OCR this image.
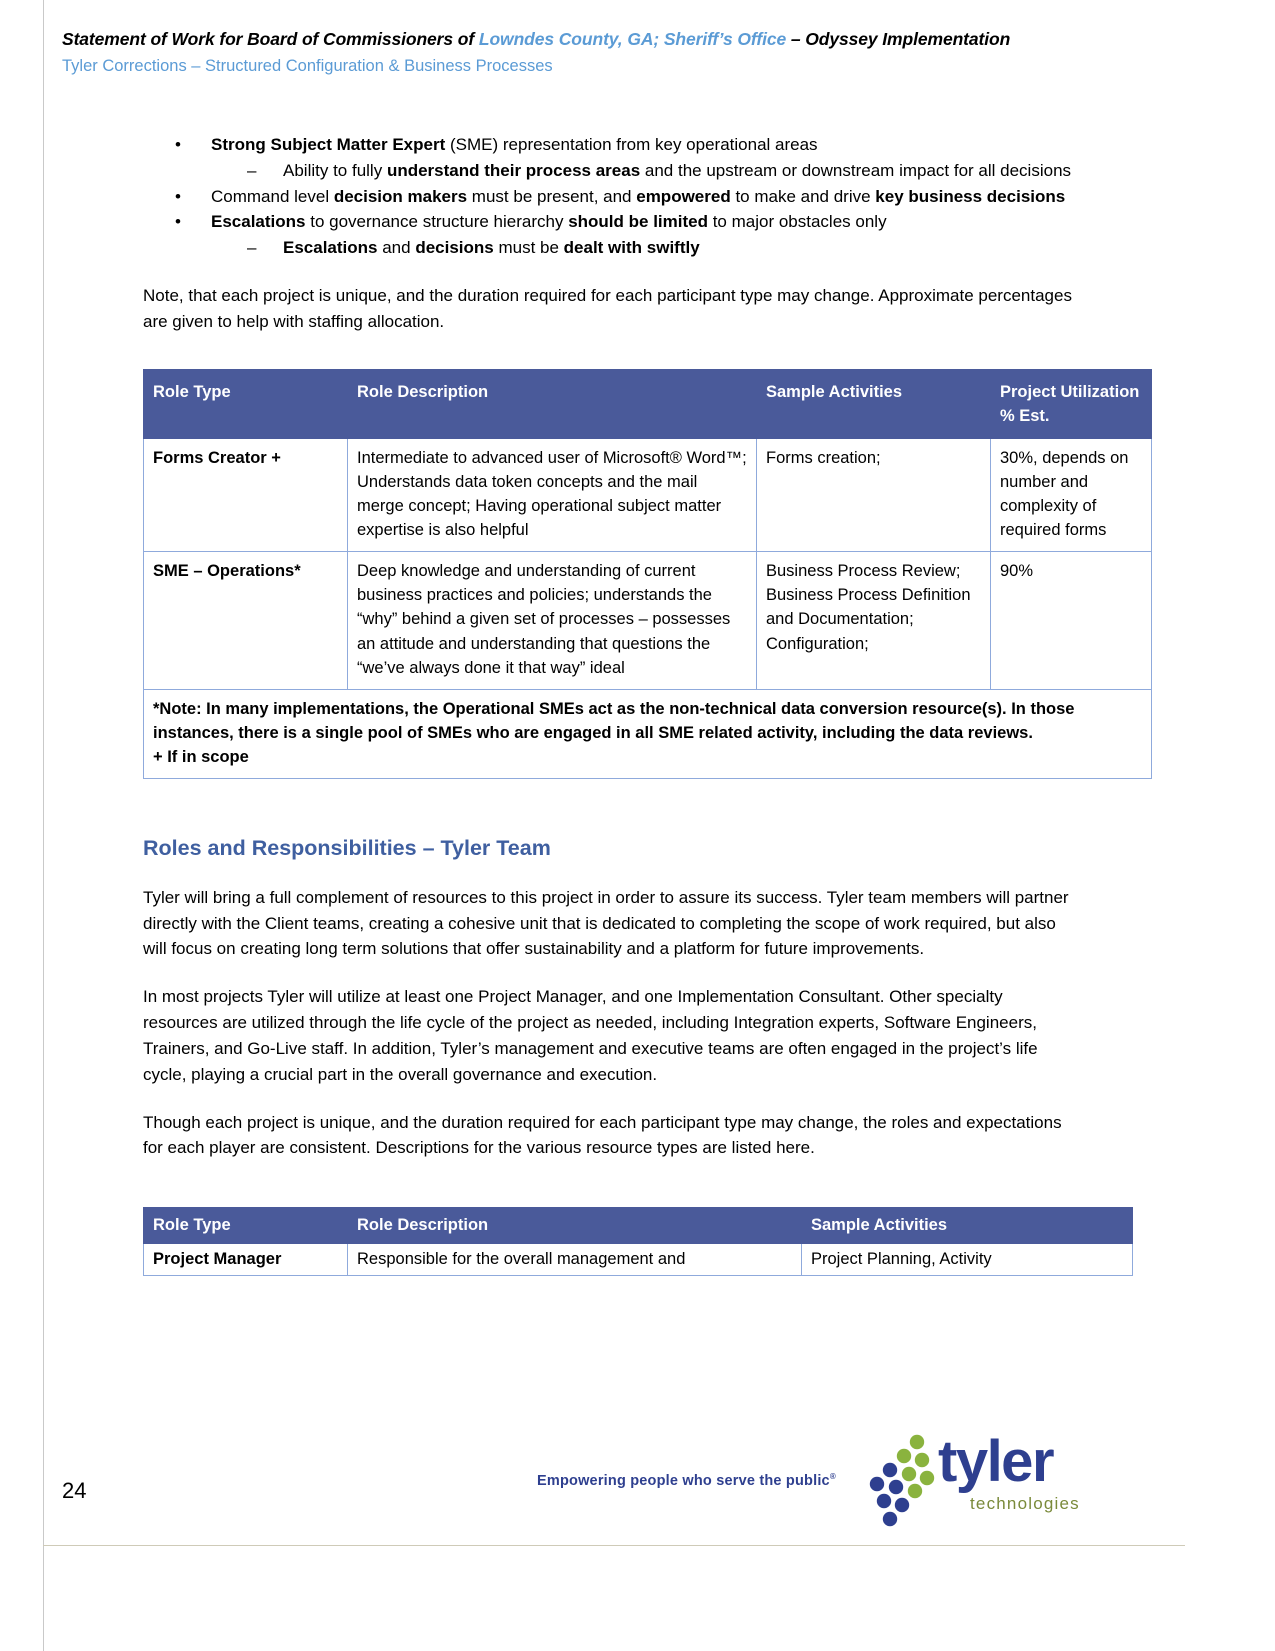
Statement of Work for Board of Commissioners of Lowndes County, GA; Sheriff’s Office – Odyssey Implementation
Tyler Corrections – Structured Configuration & Business Processes
• Strong Subject Matter Expert (SME) representation from key operational areas
– Ability to fully understand their process areas and the upstream or downstream impact for all decisions
• Command level decision makers must be present, and empowered to make and drive key business decisions
• Escalations to governance structure hierarchy should be limited to major obstacles only
– Escalations and decisions must be dealt with swiftly

Note, that each project is unique, and the duration required for each participant type may change. Approximate percentages are given to help with staffing allocation.

Role Type	Role Description	Sample Activities	Project Utilization % Est.
Forms Creator +	Intermediate to advanced user of Microsoft® Word™; Understands data token concepts and the mail merge concept; Having operational subject matter expertise is also helpful	Forms creation;	30%, depends on number and complexity of required forms
SME – Operations*	Deep knowledge and understanding of current business practices and policies; understands the “why” behind a given set of processes – possesses an attitude and understanding that questions the “we’ve always done it that way” ideal	Business Process Review; Business Process Definition and Documentation; Configuration;	90%

*Note: In many implementations, the Operational SMEs act as the non-technical data conversion resource(s). In those instances, there is a single pool of SMEs who are engaged in all SME related activity, including the data reviews.
+ If in scope			
Roles and Responsibilities – Tyler Team

Tyler will bring a full complement of resources to this project in order to assure its success. Tyler team members will partner directly with the Client teams, creating a cohesive unit that is dedicated to completing the scope of work required, but also will focus on creating long term solutions that offer sustainability and a platform for future improvements.

In most projects Tyler will utilize at least one Project Manager, and one Implementation Consultant. Other specialty resources are utilized through the life cycle of the project as needed, including Integration experts, Software Engineers, Trainers, and Go-Live staff. In addition, Tyler’s management and executive teams are often engaged in the project’s life cycle, playing a crucial part in the overall governance and execution.

Though each project is unique, and the duration required for each participant type may change, the roles and expectations for each player are consistent. Descriptions for the various resource types are listed here.

Role Type	Role Description	Sample Activities
Project Manager	Responsible for the overall management and	Project Planning, Activity
24	Empowering people who serve the public® tyler
technologies
